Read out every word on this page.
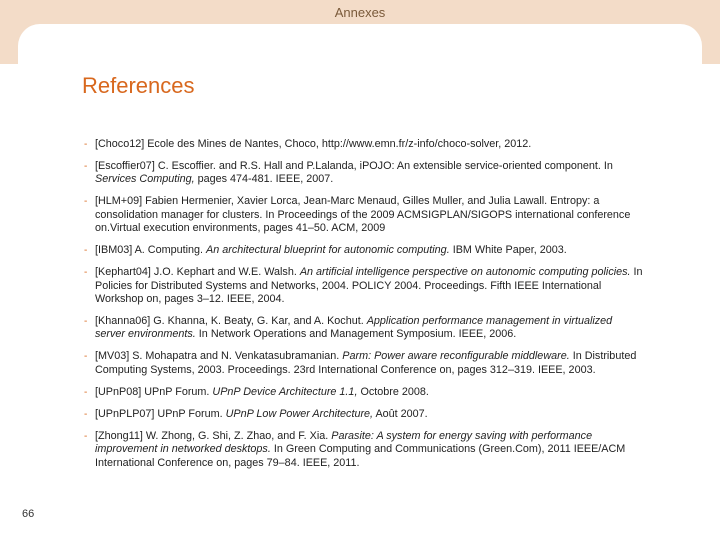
Annexes
References
- [Choco12] Ecole des Mines de Nantes, Choco, http://www.emn.fr/z-info/choco-solver, 2012.
- [Escoffier07] C. Escoffier. and R.S. Hall and P.Lalanda, iPOJO: An extensible service-oriented component. In Services Computing, pages 474-481. IEEE, 2007.
- [HLM+09] Fabien Hermenier, Xavier Lorca, Jean-Marc Menaud, Gilles Muller, and Julia Lawall. Entropy: a consolidation manager for clusters. In Proceedings of the 2009 ACMSIGPLAN/SIGOPS international conference on.Virtual execution environments, pages 41–50. ACM, 2009
- [IBM03] A. Computing. An architectural blueprint for autonomic computing. IBM White Paper, 2003.
- [Kephart04] J.O. Kephart and W.E. Walsh. An artificial intelligence perspective on autonomic computing policies. In Policies for Distributed Systems and Networks, 2004. POLICY 2004. Proceedings. Fifth IEEE International Workshop on, pages 3–12. IEEE, 2004.
- [Khanna06] G. Khanna, K. Beaty, G. Kar, and A. Kochut. Application performance management in virtualized server environments. In Network Operations and Management Symposium. IEEE, 2006.
- [MV03] S. Mohapatra and N. Venkatasubramanian. Parm: Power aware reconfigurable middleware. In Distributed Computing Systems, 2003. Proceedings. 23rd International Conference on, pages 312–319. IEEE, 2003.
- [UPnP08] UPnP Forum. UPnP Device Architecture 1.1, Octobre 2008.
- [UPnPLP07] UPnP Forum. UPnP Low Power Architecture, Août 2007.
- [Zhong11] W. Zhong, G. Shi, Z. Zhao, and F. Xia. Parasite: A system for energy saving with performance improvement in networked desktops. In Green Computing and Communications (Green.Com), 2011 IEEE/ACM International Conference on, pages 79–84. IEEE, 2011.
66
